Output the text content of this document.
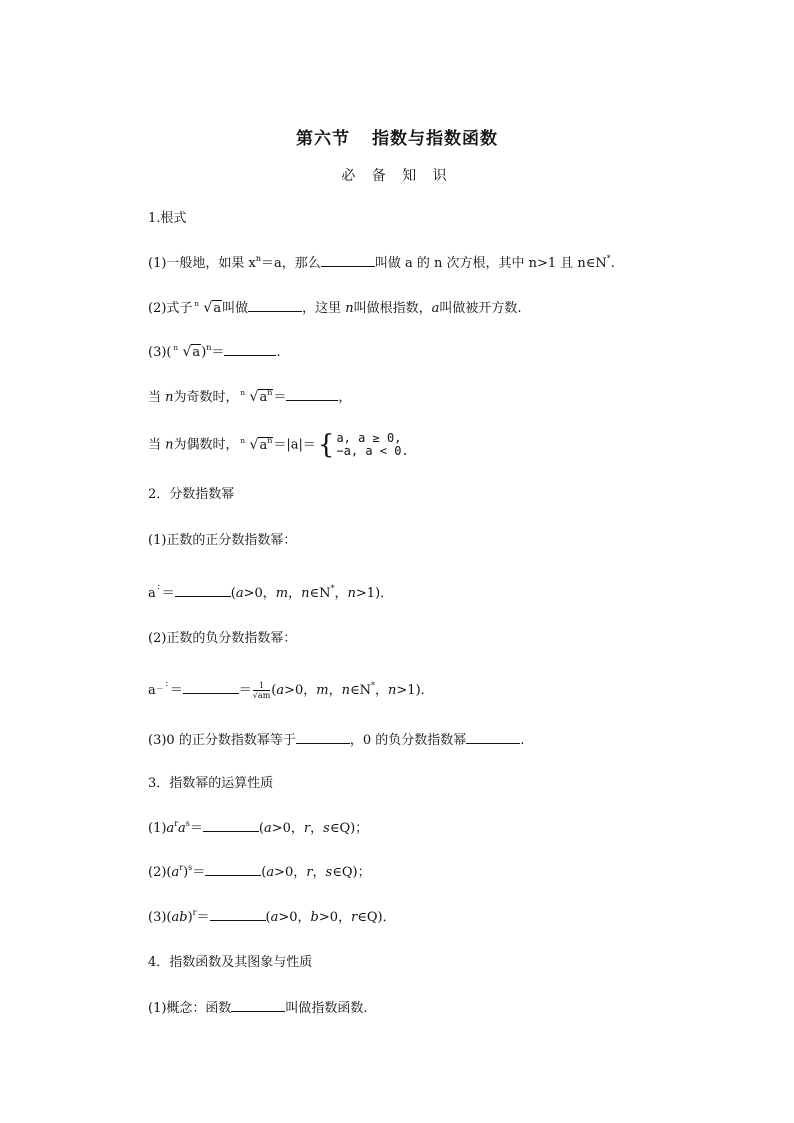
第六节 指数与指数函数
必 备 知 识
1.根式
(1)一般地，如果 $x^n=a$，那么	叫做 a 的 n 次方根，其中 n>1 且 n∈N*.
(2)式子 n √a叫做	，这里 n叫做根指数，a叫做被开方数.
(3)( n √a)$^n$＝	.
当 n为奇数时， n $√a^n=$	，
当 n为偶数时， n $√a^n=|a|=${ a, a ≥ 0,
−a, a < 0.
2．分数指数幂
(1)正数的正分数指数幂：
a:＝	(a>0，m，n∈N*，n>1)．
(2)正数的负分数指数幂：
a－:＝	＝ $\frac{1}{√am} (a>0$，m，n∈N*，n>1)．
(3)0 的正分数指数幂等于	，0 的负分数指数幂	.
3．指数幂的运算性质
$(1)a^ra^s=$	(a>0，r，s∈Q)；
$(2)(a^r)^s=$	(a>0，r，s∈Q)；
(3)(ab)$^r$＝	(a>0，b>0，r∈Q)．
4．指数函数及其图象与性质
(1)概念：函数	叫做指数函数.
